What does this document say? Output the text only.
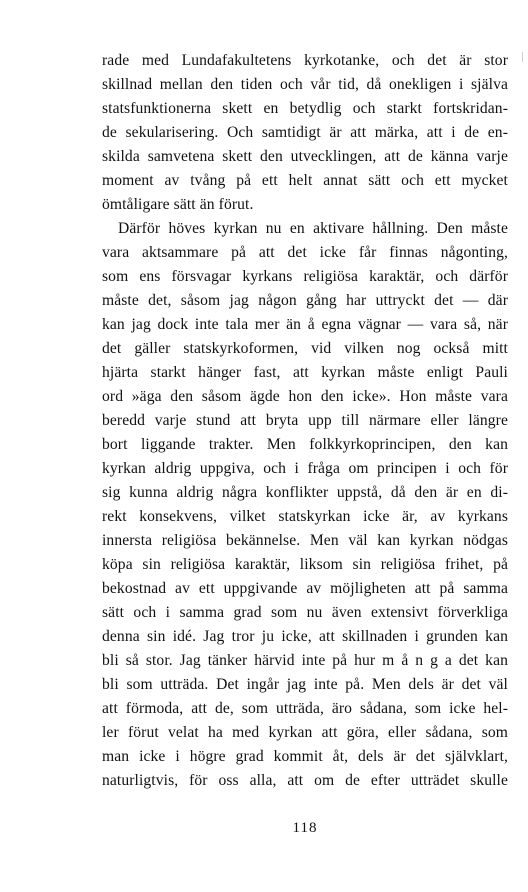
rade med Lundafakultetens kyrkotanke, och det är stor
skillnad mellan den tiden och vår tid, då onekligen i själva
statsfunktionerna skett en betydlig och starkt fortskridan-
de sekularisering. Och samtidigt är att märka, att i de en-
skilda samvetena skett den utvecklingen, att de känna varje
moment av tvång på ett helt annat sätt och ett mycket
ömtåligare sätt än förut.
Därför höves kyrkan nu en aktivare hållning. Den måste
vara aktsammare på att det icke får finnas någonting,
som ens försvagar kyrkans religiösa karaktär, och därför
måste det, såsom jag någon gång har uttryckt det — där
kan jag dock inte tala mer än å egna vägnar — vara så, när
det gäller statskyrkoformen, vid vilken nog också mitt
hjärta starkt hänger fast, att kyrkan måste enligt Pauli
ord »äga den såsom ägde hon den icke». Hon måste vara
beredd varje stund att bryta upp till närmare eller längre
bort liggande trakter. Men folkkyrkoprincipen, den kan
kyrkan aldrig uppgiva, och i fråga om principen i och för
sig kunna aldrig några konflikter uppstå, då den är en di-
rekt konsekvens, vilket statskyrkan icke är, av kyrkans
innersta religiösa bekännelse. Men väl kan kyrkan nödgas
köpa sin religiösa karaktär, liksom sin religiösa frihet, på
bekostnad av ett uppgivande av möjligheten att på samma
sätt och i samma grad som nu även extensivt förverkliga
denna sin idé. Jag tror ju icke, att skillnaden i grunden kan
bli så stor. Jag tänker härvid inte på hur m å n g a det kan
bli som utträda. Det ingår jag inte på. Men dels är det väl
att förmoda, att de, som utträda, äro sådana, som icke hel-
ler förut velat ha med kyrkan att göra, eller sådana, som
man icke i högre grad kommit åt, dels är det självklart,
naturligtvis, för oss alla, att om de efter utträdet skulle
118
